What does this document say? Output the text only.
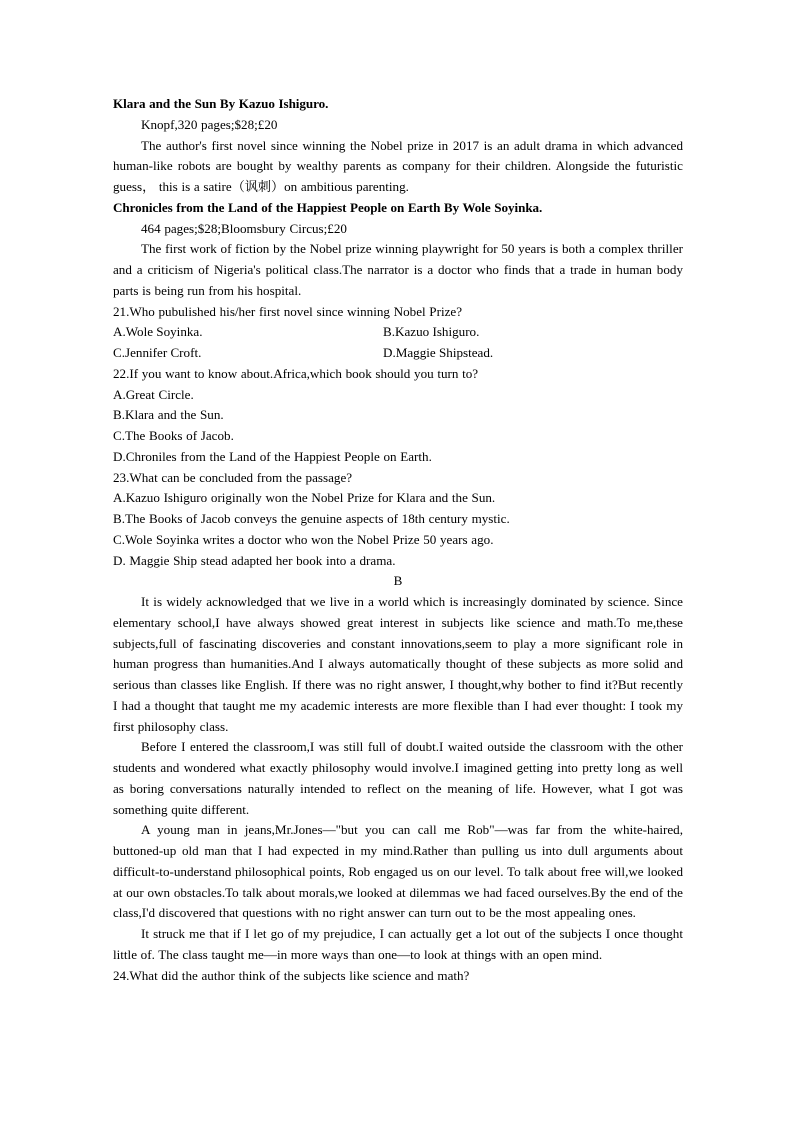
Klara and the Sun By Kazuo Ishiguro.

Knopf,320 pages;$28;£20

The author's first novel since winning the Nobel prize in 2017 is an adult drama in which advanced human-like robots are bought by wealthy parents as company for their children. Alongside the futuristic guess， this is a satire（讽刺）on ambitious parenting.

Chronicles from the Land of the Happiest People on Earth By Wole Soyinka.

464 pages;$28;Bloomsbury Circus;£20

The first work of fiction by the Nobel prize winning playwright for 50 years is both a complex thriller and a criticism of Nigeria's political class.The narrator is a doctor who finds that a trade in human body parts is being run from his hospital.

21.Who pubulished his/her first novel since winning Nobel Prize?

A.Wole Soyinka.	B.Kazuo Ishiguro.
C.Jennifer Croft.	D.Maggie Shipstead.

22.If you want to know about.Africa,which book should you turn to?

A.Great Circle.

B.Klara and the Sun.

C.The Books of Jacob.

D.Chroniles from the Land of the Happiest People on Earth.

23.What can be concluded from the passage?

A.Kazuo Ishiguro originally won the Nobel Prize for Klara and the Sun.

B.The Books of Jacob conveys the genuine aspects of 18th century mystic.

C.Wole Soyinka writes a doctor who won the Nobel Prize 50 years ago.

D. Maggie Ship stead adapted her book into a drama.

B

It is widely acknowledged that we live in a world which is increasingly dominated by science. Since elementary school,I have always showed great interest in subjects like science and math.To me,these subjects,full of fascinating discoveries and constant innovations,seem to play a more significant role in human progress than humanities.And I always automatically thought of these subjects as more solid and serious than classes like English. If there was no right answer, I thought,why bother to find it?But recently I had a thought that taught me my academic interests are more flexible than I had ever thought: I took my first philosophy class.

Before I entered the classroom,I was still full of doubt.I waited outside the classroom with the other students and wondered what exactly philosophy would involve.I imagined getting into pretty long as well as boring conversations naturally intended to reflect on the meaning of life. However, what I got was something quite different.

A young man in jeans,Mr.Jones—"but you can call me Rob"—was far from the white-haired, buttoned-up old man that I had expected in my mind.Rather than pulling us into dull arguments about difficult-to-understand philosophical points, Rob engaged us on our level. To talk about free will,we looked at our own obstacles.To talk about morals,we looked at dilemmas we had faced ourselves.By the end of the class,I'd discovered that questions with no right answer can turn out to be the most appealing ones.

It struck me that if I let go of my prejudice, I can actually get a lot out of the subjects I once thought little of. The class taught me—in more ways than one—to look at things with an open mind.

24.What did the author think of the subjects like science and math?
